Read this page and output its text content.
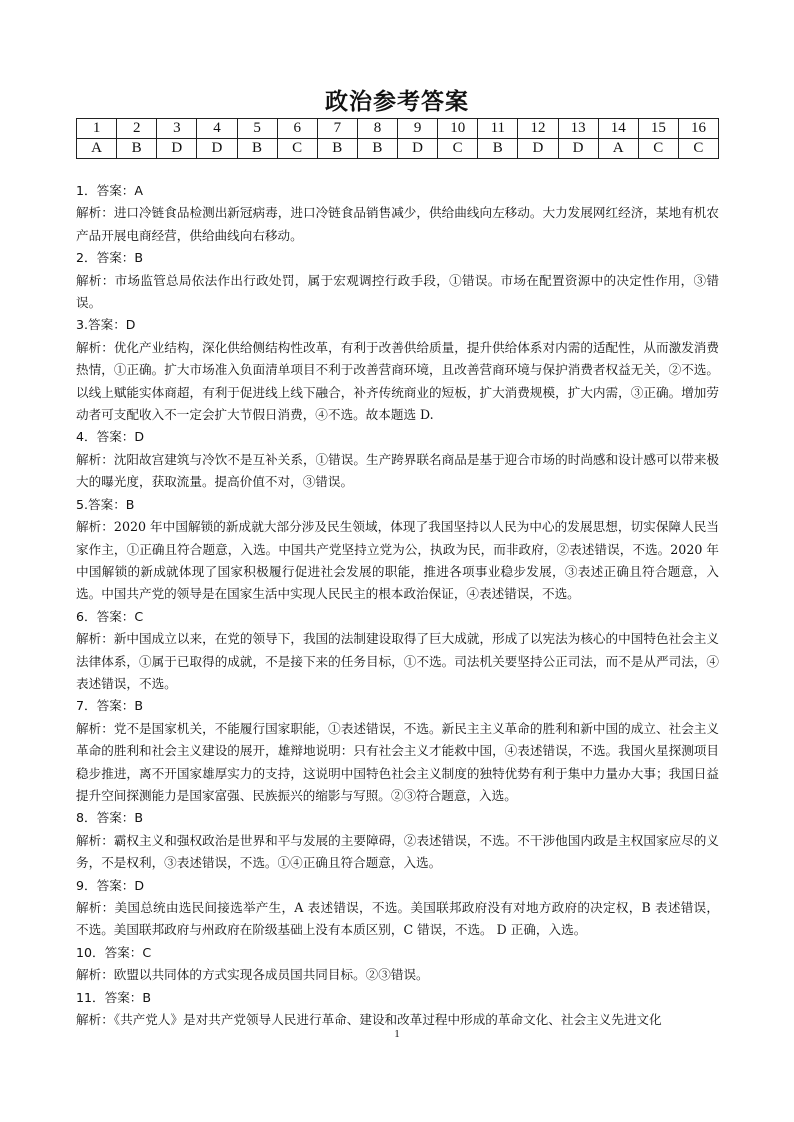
政治参考答案
1	2	3	4	5	6	7	8	9	10	11	12	13	14	15	16
A	B	D	D	B	C	B	B	D	C	B	D	D	A	C	C

1．答案：A

解析：进口冷链食品检测出新冠病毒，进口冷链食品销售减少，供给曲线向左移动。大力发展网红经济，某地有机农产品开展电商经营，供给曲线向右移动。

2．答案：B

解析：市场监管总局依法作出行政处罚，属于宏观调控行政手段，①错误。市场在配置资源中的决定性作用，③错误。

3.答案：D

解析：优化产业结构，深化供给侧结构性改革，有利于改善供给质量，提升供给体系对内需的适配性，从而激发消费热情，①正确。扩大市场准入负面清单项目不利于改善营商环境，且改善营商环境与保护消费者权益无关，②不选。以线上赋能实体商超，有利于促进线上线下融合，补齐传统商业的短板，扩大消费规模，扩大内需，③正确。增加劳动者可支配收入不一定会扩大节假日消费，④不选。故本题选 D.

4．答案：D

解析：沈阳故宫建筑与冷饮不是互补关系，①错误。生产跨界联名商品是基于迎合市场的时尚感和设计感可以带来极大的曝光度，获取流量。提高价值不对，③错误。

5.答案：B

解析：2020 年中国解锁的新成就大部分涉及民生领域，体现了我国坚持以人民为中心的发展思想，切实保障人民当家作主，①正确且符合题意，入选。中国共产党坚持立党为公，执政为民，而非政府，②表述错误，不选。2020 年中国解锁的新成就体现了国家积极履行促进社会发展的职能，推进各项事业稳步发展，③表述正确且符合题意，入选。中国共产党的领导是在国家生活中实现人民民主的根本政治保证，④表述错误，不选。

6．答案：C

解析：新中国成立以来，在党的领导下，我国的法制建设取得了巨大成就，形成了以宪法为核心的中国特色社会主义法律体系，①属于已取得的成就，不是接下来的任务目标，①不选。司法机关要坚持公正司法，而不是从严司法，④表述错误，不选。

7．答案：B

解析：党不是国家机关，不能履行国家职能，①表述错误，不选。新民主主义革命的胜利和新中国的成立、社会主义革命的胜利和社会主义建设的展开，雄辩地说明：只有社会主义才能救中国，④表述错误，不选。我国火星探测项目稳步推进，离不开国家雄厚实力的支持，这说明中国特色社会主义制度的独特优势有利于集中力量办大事；我国日益提升空间探测能力是国家富强、民族振兴的缩影与写照。②③符合题意，入选。

8．答案：B

解析：霸权主义和强权政治是世界和平与发展的主要障碍，②表述错误，不选。不干涉他国内政是主权国家应尽的义务，不是权利，③表述错误，不选。①④正确且符合题意，入选。

9．答案：D

解析：美国总统由选民间接选举产生，A 表述错误，不选。美国联邦政府没有对地方政府的决定权，B 表述错误，不选。美国联邦政府与州政府在阶级基础上没有本质区别，C 错误，不选。 D 正确，入选。

10．答案：C

解析：欧盟以共同体的方式实现各成员国共同目标。②③错误。

11．答案：B

解析：《共产党人》是对共产党领导人民进行革命、建设和改革过程中形成的革命文化、社会主义先进文化

1
